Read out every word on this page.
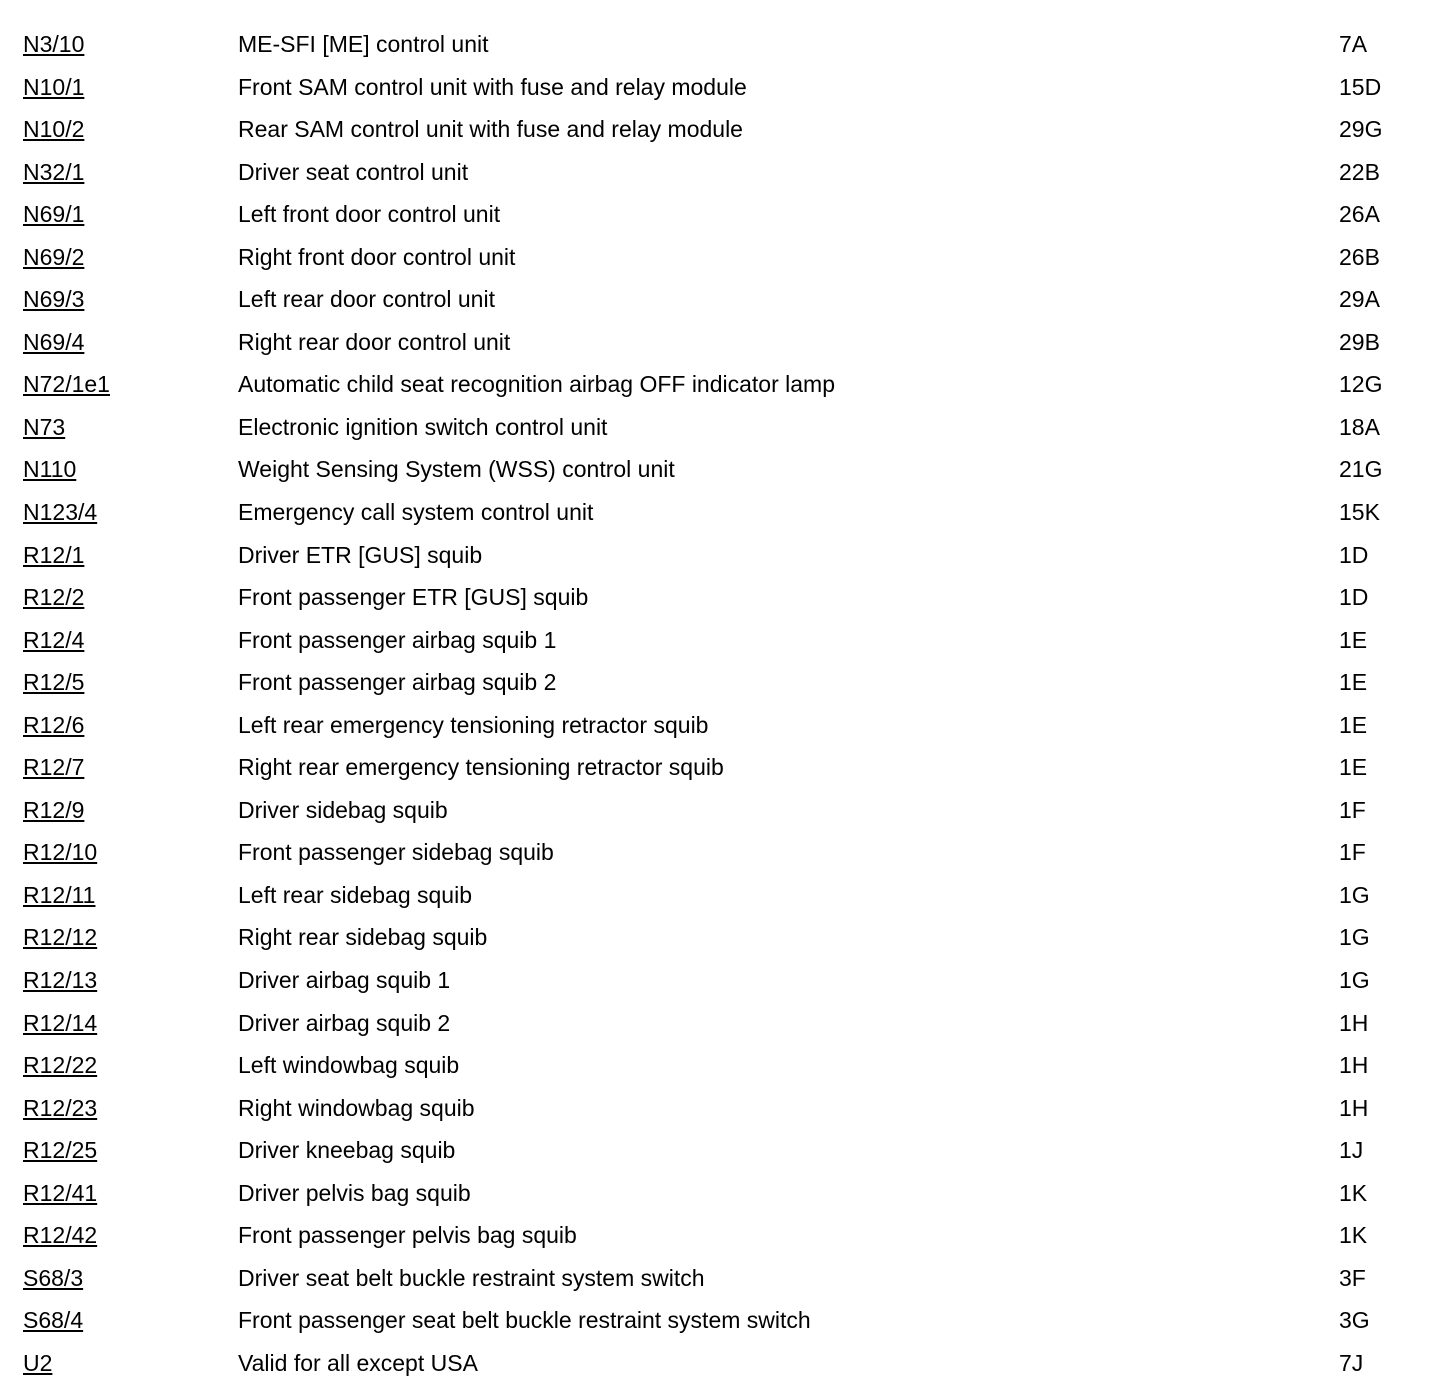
N3/10	ME-SFI [ME] control unit	7A
N10/1	Front SAM control unit with fuse and relay module	15D
N10/2	Rear SAM control unit with fuse and relay module	29G
N32/1	Driver seat control unit	22B
N69/1	Left front door control unit	26A
N69/2	Right front door control unit	26B
N69/3	Left rear door control unit	29A
N69/4	Right rear door control unit	29B
N72/1e1	Automatic child seat recognition airbag OFF indicator lamp	12G
N73	Electronic ignition switch control unit	18A
N110	Weight Sensing System (WSS) control unit	21G
N123/4	Emergency call system control unit	15K
R12/1	Driver ETR [GUS] squib	1D
R12/2	Front passenger ETR [GUS] squib	1D
R12/4	Front passenger airbag squib 1	1E
R12/5	Front passenger airbag squib 2	1E
R12/6	Left rear emergency tensioning retractor squib	1E
R12/7	Right rear emergency tensioning retractor squib	1E
R12/9	Driver sidebag squib	1F
R12/10	Front passenger sidebag squib	1F
R12/11	Left rear sidebag squib	1G
R12/12	Right rear sidebag squib	1G
R12/13	Driver airbag squib 1	1G
R12/14	Driver airbag squib 2	1H
R12/22	Left windowbag squib	1H
R12/23	Right windowbag squib	1H
R12/25	Driver kneebag squib	1J
R12/41	Driver pelvis bag squib	1K
R12/42	Front passenger pelvis bag squib	1K
S68/3	Driver seat belt buckle restraint system switch	3F
S68/4	Front passenger seat belt buckle restraint system switch	3G
U2	Valid for all except USA	7J
